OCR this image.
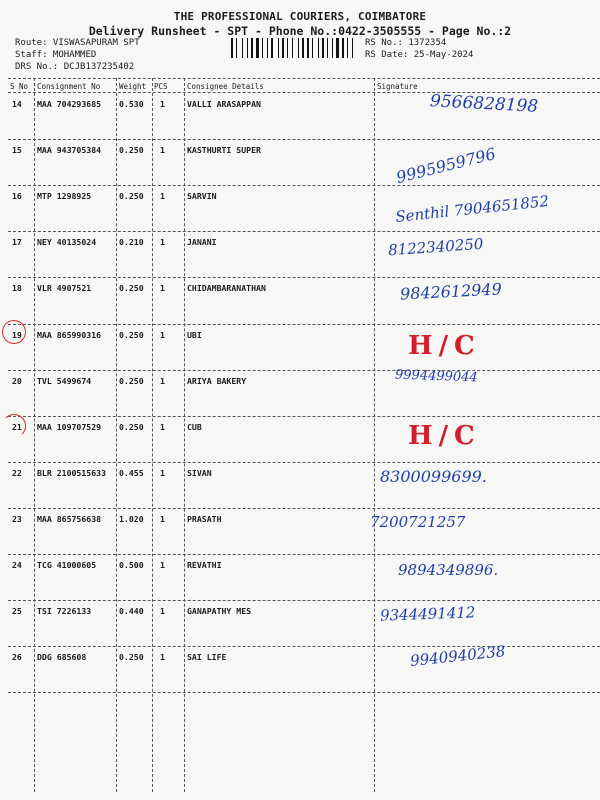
THE PROFESSIONAL COURIERS, COIMBATORE
Delivery Runsheet - SPT - Phone No.:0422-3505555 - Page No.:2
Route: VISWASAPURAM SPT
Staff: MOHAMMED
DRS No.: DCJB137235402
RS No.: 1372354
RS Date: 25-May-2024
S No Consignment No	Weight PCS	Consignee Details	Signature
14 MAA 704293685 0.530 1	VALLI ARASAPPAN	9566828198
15 MAA 943705384 0.250 1	KASTHURTI SUPER	9995959796
16 MTP 1298925	0.250 1	SARVIN	Senthil 7904651852
17 NEY 40135024	0.210 1	JANANI	8122340250
18 VLR 4907521	0.250 1	CHIDAMBARANATHAN	9842612949
19 MAA 865990316 0.250 1	UBI	H/C
20 TVL 5499674	0.250 1	ARIYA BAKERY	9994499044
21 MAA 109707529 0.250 1	CUB	H/C
22 BLR 2100515633 0.455 1	SIVAN	8300099699.
23 MAA 865756638 1.020 1	PRASATH	7200721257
24 TCG 41000605	0.500 1	REVATHI	9894349896.
25 TSI 7226133	0.440 1	GANAPATHY MES	9344491412
26 DDG 685608	0.250 1	SAI LIFE	9940940238
